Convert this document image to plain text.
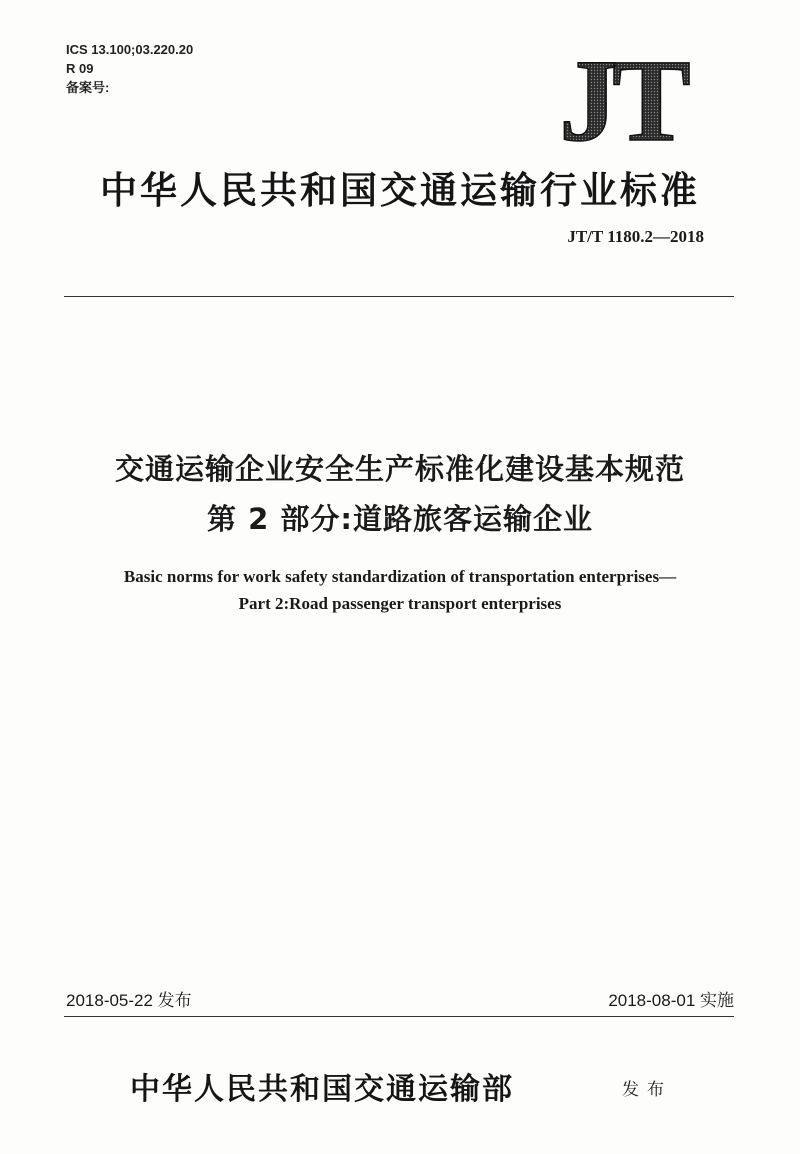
ICS 13.100;03.220.20
R 09
备案号:	JT
中华人民共和国交通运输行业标准
JT/T 1180.2—2018
交通运输企业安全生产标准化建设基本规范
第 2 部分:道路旅客运输企业
Basic norms for work safety standardization of transportation enterprises—
Part 2:Road passenger transport enterprises
2018-05-22 发布	2018-08-01 实施
中华人民共和国交通运输部	发布
